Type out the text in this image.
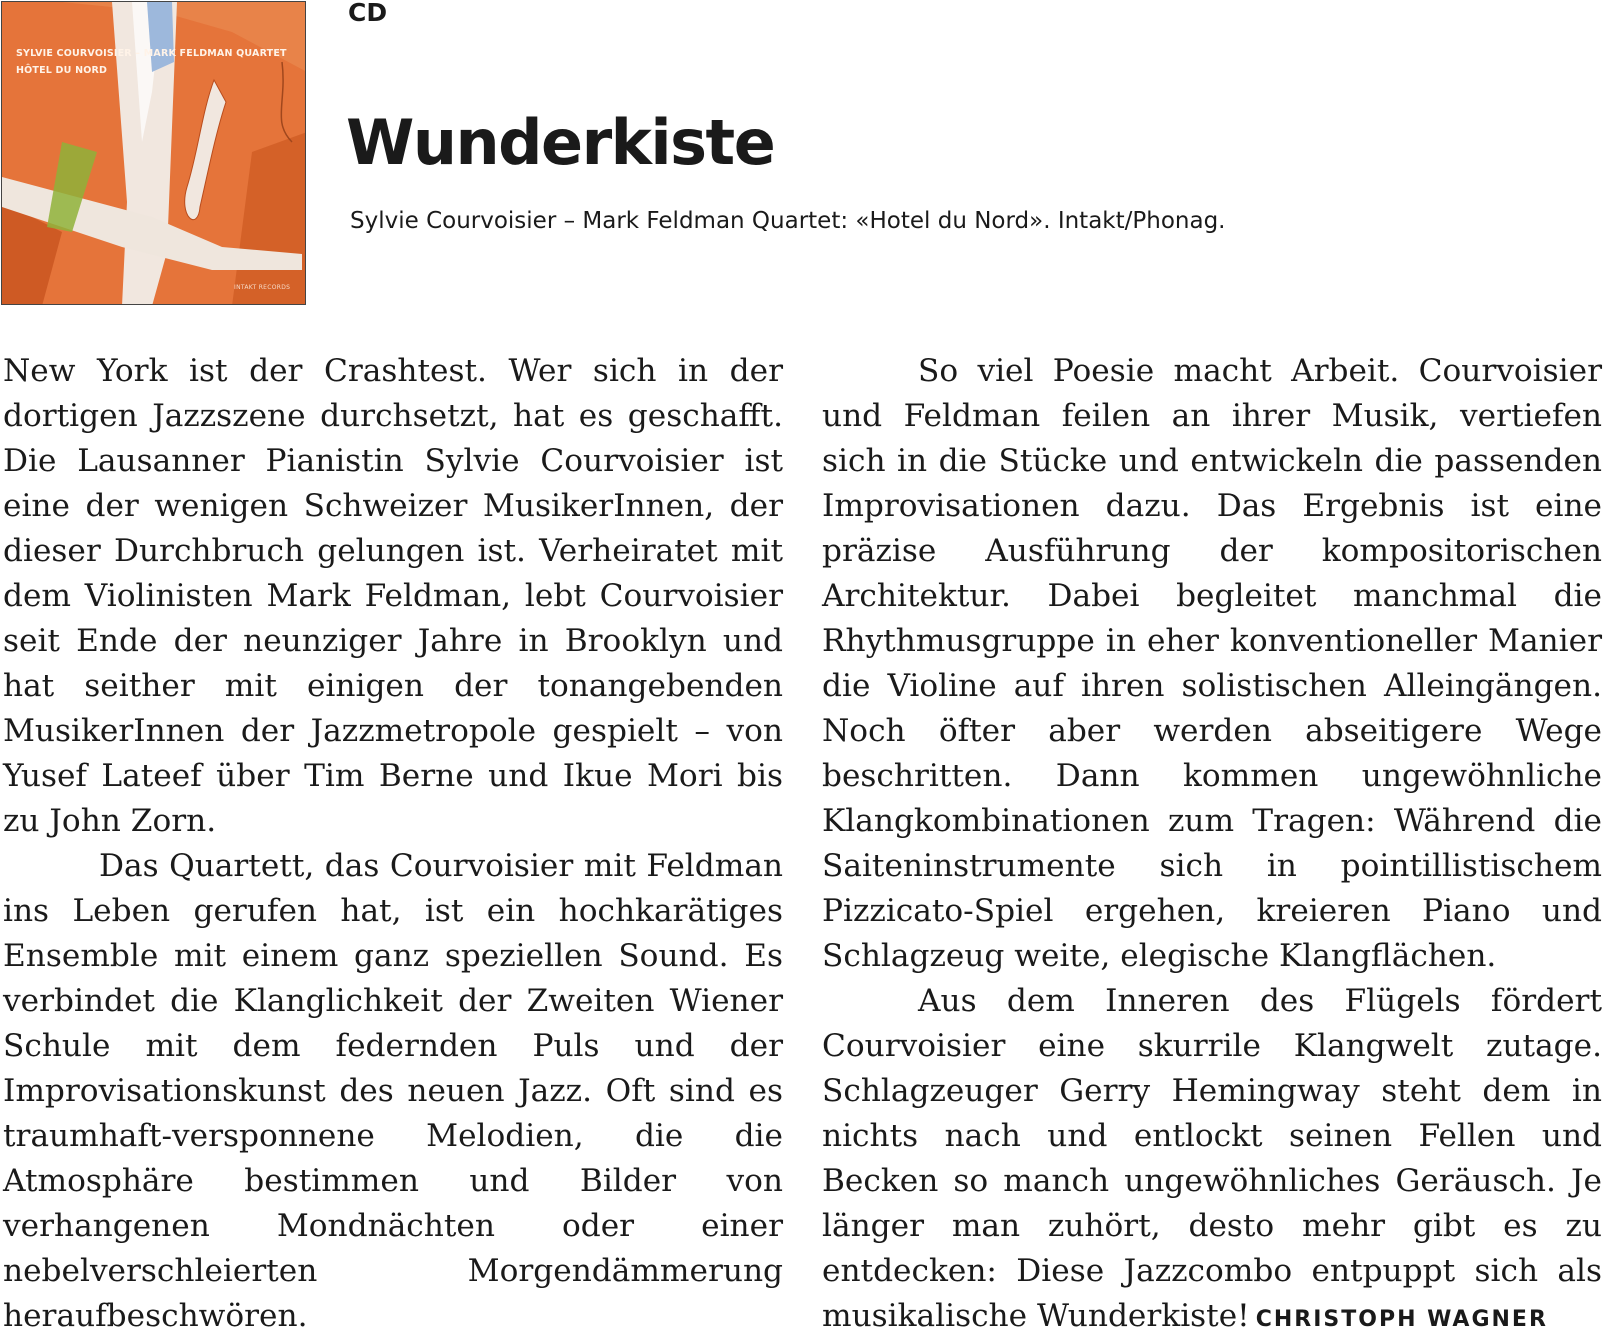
SYLVIE COURVOISIER – MARK FELDMAN QUARTET
HÔTEL DU NORD
INTAKT RECORDS
CD
Wunderkiste

Sylvie Courvoisier – Mark Feldman Quartet: «Hotel du Nord». Intakt/Phonag.

New York ist der Crashtest. Wer sich in der dortigen Jazzszene durchsetzt, hat es geschafft. Die Lausanner Pianistin Sylvie Courvoisier ist eine der wenigen Schweizer MusikerInnen, der dieser Durchbruch gelungen ist. Verheiratet mit dem Violinisten Mark Feldman, lebt Courvoisier seit Ende der neunziger Jahre in Brooklyn und hat seither mit einigen der tonangebenden MusikerInnen der Jazzmetropole gespielt – von Yusef Lateef über Tim Berne und Ikue Mori bis zu John Zorn.

Das Quartett, das Courvoisier mit Feldman ins Leben gerufen hat, ist ein hochkarätiges Ensemble mit einem ganz speziellen Sound. Es verbindet die Klanglichkeit der Zweiten Wiener Schule mit dem federnden Puls und der Improvisationskunst des neuen Jazz. Oft sind es traumhaft-versponnene Melodien, die die Atmosphäre bestimmen und Bilder von verhangenen Mondnächten oder einer nebelverschleierten Morgendämmerung heraufbeschwören.

So viel Poesie macht Arbeit. Courvoisier und Feldman feilen an ihrer Musik, vertiefen sich in die Stücke und entwickeln die passenden Improvisationen dazu. Das Ergebnis ist eine präzise Ausführung der kompositorischen Architektur. Dabei begleitet manchmal die Rhythmusgruppe in eher konventioneller Manier die Violine auf ihren solistischen Alleingängen. Noch öfter aber werden abseitigere Wege beschritten. Dann kommen ungewöhnliche Klangkombinationen zum Tragen: Während die Saiteninstrumente sich in pointillistischem Pizzicato-Spiel ergehen, kreieren Piano und Schlagzeug weite, elegische Klangflächen.

Aus dem Inneren des Flügels fördert Courvoisier eine skurrile Klangwelt zutage. Schlagzeuger Gerry Hemingway steht dem in nichts nach und entlockt seinen Fellen und Becken so manch ungewöhnliches Geräusch. Je länger man zuhört, desto mehr gibt es zu entdecken: Diese Jazzcombo entpuppt sich als musikalische Wunderkiste! CHRISTOPH WAGNER
